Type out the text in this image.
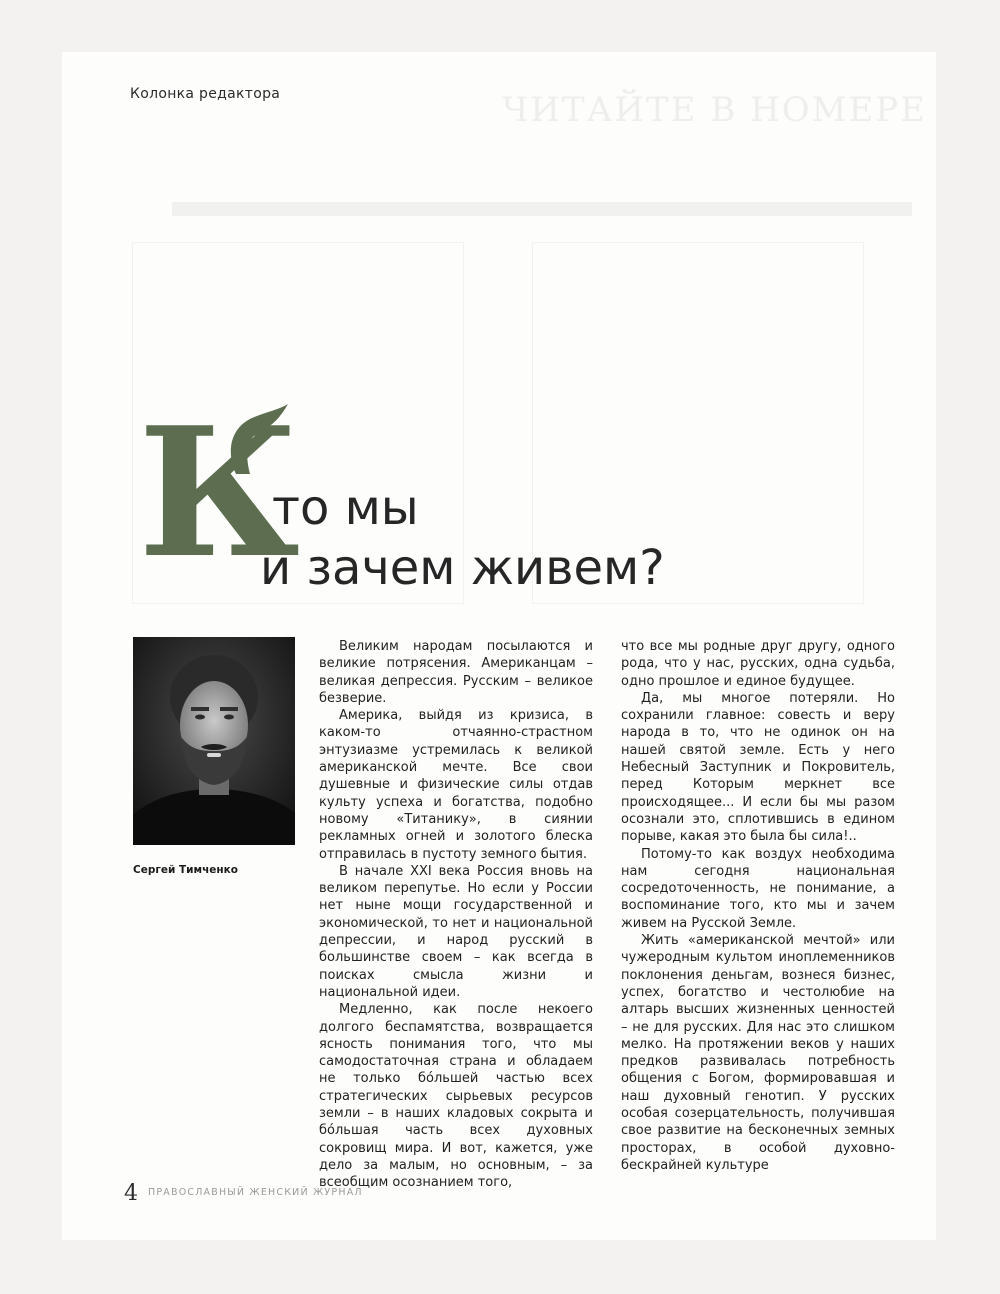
ЧИТАЙТЕ В НОМЕРЕ
Колонка редактора
К
то мы
и зачем живем?
Сергей Тимченко

Великим народам посылаются и великие потрясения. Американцам – великая депрессия. Русским – великое безверие.

Америка, выйдя из кризиса, в каком-то отчаянно-страстном энтузиазме устремилась к великой американской мечте. Все свои душевные и физические силы отдав культу успеха и богатства, подобно новому «Титанику», в сиянии рекламных огней и золотого блеска отправилась в пустоту земного бытия.

В начале XXI века Россия вновь на великом перепутье. Но если у России нет ныне мощи государственной и экономической, то нет и национальной депрессии, и народ русский в большинстве своем – как всегда в поисках смысла жизни и национальной идеи.

Медленно, как после некоего долгого беспамятства, возвращается ясность понимания того, что мы самодостаточная страна и обладаем не только бо́льшей частью всех стратегических сырьевых ресурсов земли – в наших кладовых сокрыта и бо́льшая часть всех духовных сокровищ мира. И вот, кажется, уже дело за малым, но основным, – за всеобщим осознанием того,

что все мы родные друг другу, одного рода, что у нас, русских, одна судьба, одно прошлое и единое будущее.

Да, мы многое потеряли. Но сохранили главное: совесть и веру народа в то, что не одинок он на нашей святой земле. Есть у него Небесный Заступник и Покровитель, перед Которым меркнет все происходящее... И если бы мы разом осознали это, сплотившись в едином порыве, какая это была бы сила!..

Потому-то как воздух необходима нам сегодня национальная сосредоточенность, не понимание, а воспоминание того, кто мы и зачем живем на Русской Земле.

Жить «американской мечтой» или чужеродным культом иноплеменников поклонения деньгам, вознеся бизнес, успех, богатство и честолюбие на алтарь высших жизненных ценностей – не для русских. Для нас это слишком мелко. На протяжении веков у наших предков развивалась потребность общения с Богом, формировавшая и наш духовный генотип. У русских особая созерцательность, получившая свое развитие на бесконечных земных просторах, в особой духовно-бескрайней культуре

4 ПРАВОСЛАВНЫЙ ЖЕНСКИЙ ЖУРНАЛ
